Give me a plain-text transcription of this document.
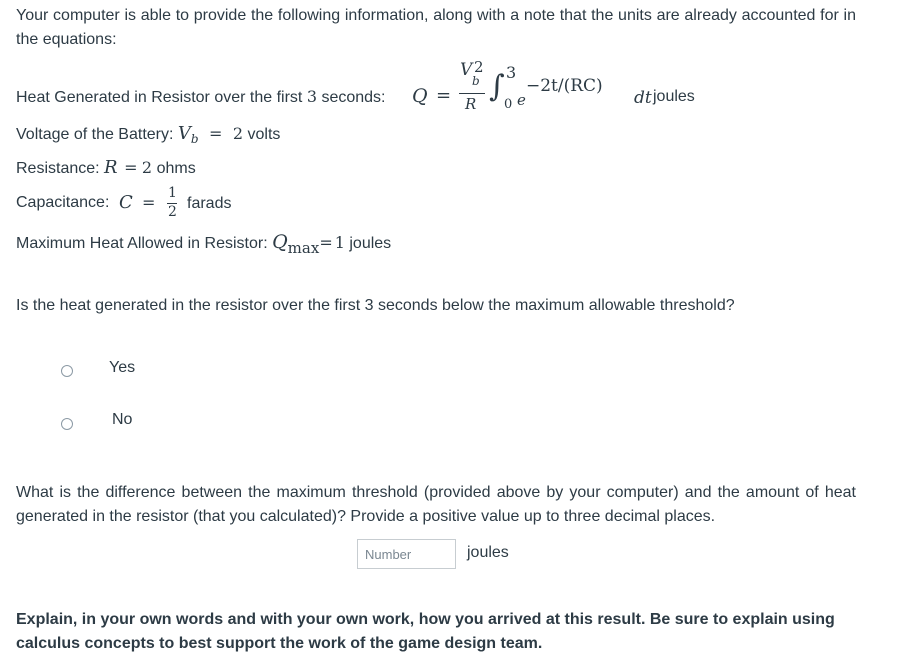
Your computer is able to provide the following information, along with a note that the units are already accounted for in the equations:
Heat Generated in Resistor over the first 3 seconds: Q =
V
b
2
R ∫ 3
0 e
−2t/(RC)
dt joules
Voltage of the Battery: $V_b = 2$ volts
Resistance: R = 2 ohms
Capacitance: C = 1
2 farads
Maximum Heat Allowed in Resistor: Qmax= 1 joules
Is the heat generated in the resistor over the first 3 seconds below the maximum allowable threshold?
Yes
No
What is the difference between the maximum threshold (provided above by your computer) and the amount of heat generated in the resistor (that you calculated)? Provide a positive value up to three decimal places.
Number
joules
Explain, in your own words and with your own work, how you arrived at this result. Be sure to explain using calculus concepts to best support the work of the game design team.
